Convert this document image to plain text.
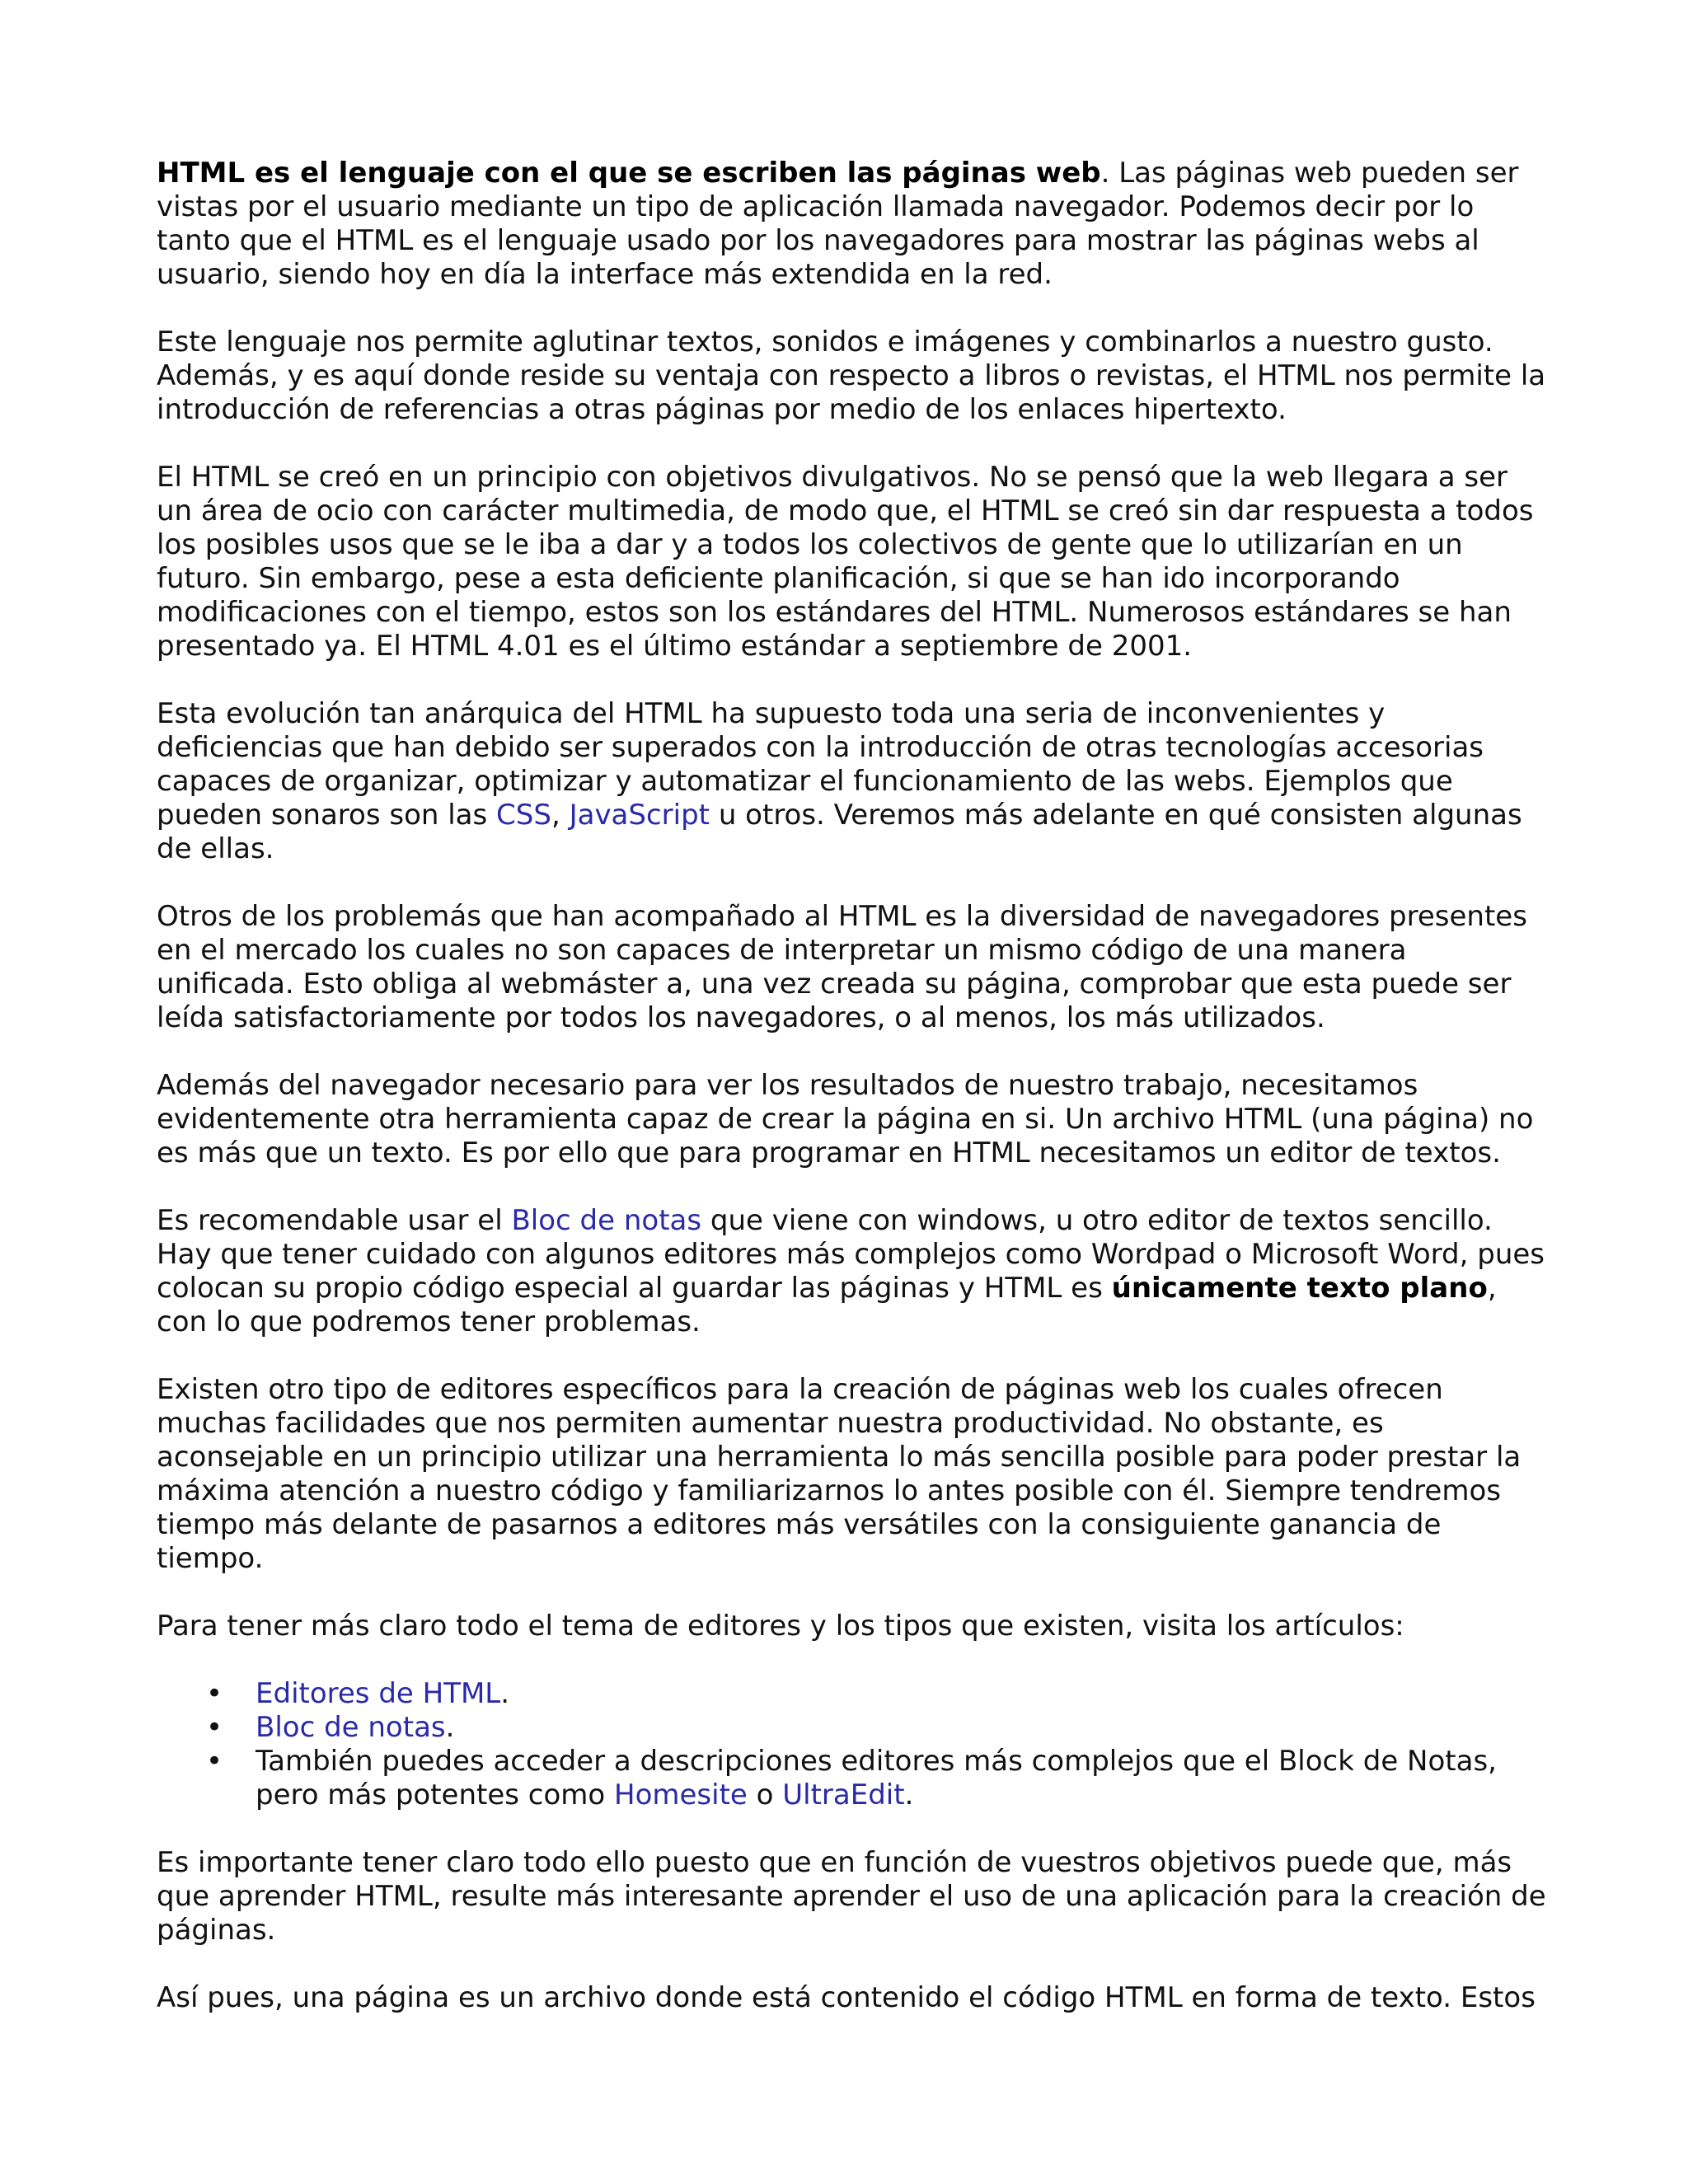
HTML es el lenguaje con el que se escriben las páginas web. Las páginas web pueden ser vistas por el usuario mediante un tipo de aplicación llamada navegador. Podemos decir por lo tanto que el HTML es el lenguaje usado por los navegadores para mostrar las páginas webs al usuario, siendo hoy en día la interface más extendida en la red.

Este lenguaje nos permite aglutinar textos, sonidos e imágenes y combinarlos a nuestro gusto. Además, y es aquí donde reside su ventaja con respecto a libros o revistas, el HTML nos permite la introducción de referencias a otras páginas por medio de los enlaces hipertexto.

El HTML se creó en un principio con objetivos divulgativos. No se pensó que la web llegara a ser un área de ocio con carácter multimedia, de modo que, el HTML se creó sin dar respuesta a todos los posibles usos que se le iba a dar y a todos los colectivos de gente que lo utilizarían en un futuro. Sin embargo, pese a esta deficiente planificación, si que se han ido incorporando modificaciones con el tiempo, estos son los estándares del HTML. Numerosos estándares se han presentado ya. El HTML 4.01 es el último estándar a septiembre de 2001.

Esta evolución tan anárquica del HTML ha supuesto toda una seria de inconvenientes y deficiencias que han debido ser superados con la introducción de otras tecnologías accesorias capaces de organizar, optimizar y automatizar el funcionamiento de las webs. Ejemplos que pueden sonaros son las CSS, JavaScript u otros. Veremos más adelante en qué consisten algunas de ellas.

Otros de los problemás que han acompañado al HTML es la diversidad de navegadores presentes en el mercado los cuales no son capaces de interpretar un mismo código de una manera unificada. Esto obliga al webmáster a, una vez creada su página, comprobar que esta puede ser leída satisfactoriamente por todos los navegadores, o al menos, los más utilizados.

Además del navegador necesario para ver los resultados de nuestro trabajo, necesitamos evidentemente otra herramienta capaz de crear la página en si. Un archivo HTML (una página) no es más que un texto. Es por ello que para programar en HTML necesitamos un editor de textos.

Es recomendable usar el Bloc de notas que viene con windows, u otro editor de textos sencillo. Hay que tener cuidado con algunos editores más complejos como Wordpad o Microsoft Word, pues colocan su propio código especial al guardar las páginas y HTML es únicamente texto plano, con lo que podremos tener problemas.

Existen otro tipo de editores específicos para la creación de páginas web los cuales ofrecen muchas facilidades que nos permiten aumentar nuestra productividad. No obstante, es aconsejable en un principio utilizar una herramienta lo más sencilla posible para poder prestar la máxima atención a nuestro código y familiarizarnos lo antes posible con él. Siempre tendremos tiempo más delante de pasarnos a editores más versátiles con la consiguiente ganancia de tiempo.

Para tener más claro todo el tema de editores y los tipos que existen, visita los artículos:

• Editores de HTML.
• Bloc de notas.
• También puedes acceder a descripciones editores más complejos que el Block de Notas, pero más potentes como Homesite o UltraEdit.

Es importante tener claro todo ello puesto que en función de vuestros objetivos puede que, más que aprender HTML, resulte más interesante aprender el uso de una aplicación para la creación de páginas.

Así pues, una página es un archivo donde está contenido el código HTML en forma de texto. Estos
